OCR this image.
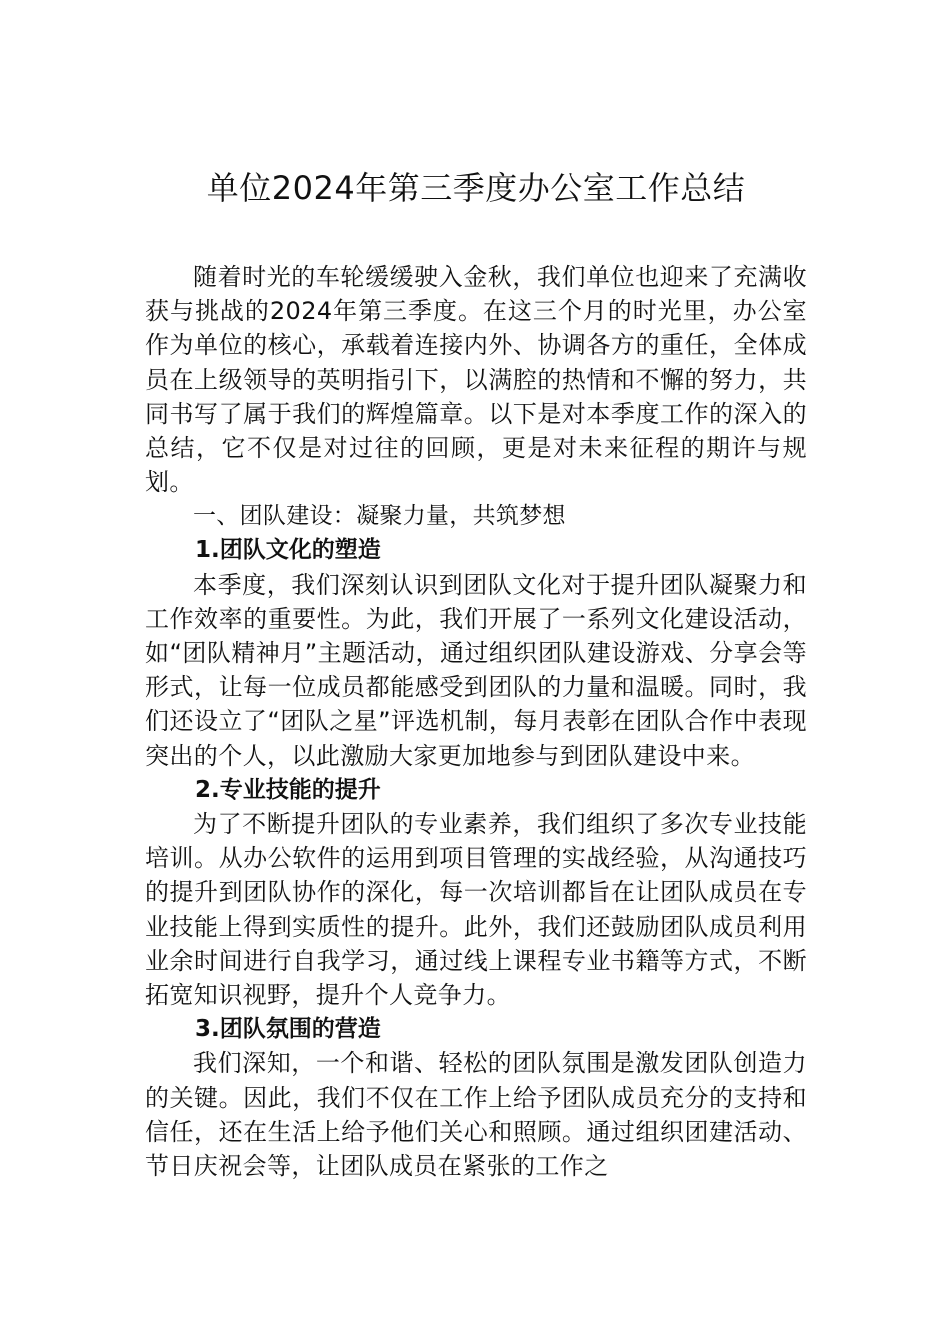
单位2024年第三季度办公室工作总结

随着时光的车轮缓缓驶入金秋，我们单位也迎来了充满收获与挑战的2024年第三季度。在这三个月的时光里，办公室作为单位的核心，承载着连接内外、协调各方的重任，全体成员在上级领导的英明指引下，以满腔的热情和不懈的努力，共同书写了属于我们的辉煌篇章。以下是对本季度工作的深入的总结，它不仅是对过往的回顾，更是对未来征程的期许与规划。

一、团队建设：凝聚力量，共筑梦想

1.团队文化的塑造

本季度，我们深刻认识到团队文化对于提升团队凝聚力和工作效率的重要性。为此，我们开展了一系列文化建设活动，如“团队精神月”主题活动，通过组织团队建设游戏、分享会等形式，让每一位成员都能感受到团队的力量和温暖。同时，我们还设立了“团队之星”评选机制，每月表彰在团队合作中表现突出的个人，以此激励大家更加地参与到团队建设中来。

2.专业技能的提升

为了不断提升团队的专业素养，我们组织了多次专业技能培训。从办公软件的运用到项目管理的实战经验，从沟通技巧的提升到团队协作的深化，每一次培训都旨在让团队成员在专业技能上得到实质性的提升。此外，我们还鼓励团队成员利用业余时间进行自我学习，通过线上课程专业书籍等方式，不断拓宽知识视野，提升个人竞争力。

3.团队氛围的营造

我们深知，一个和谐、轻松的团队氛围是激发团队创造力的关键。因此，我们不仅在工作上给予团队成员充分的支持和信任，还在生活上给予他们关心和照顾。通过组织团建活动、节日庆祝会等，让团队成员在紧张的工作之
